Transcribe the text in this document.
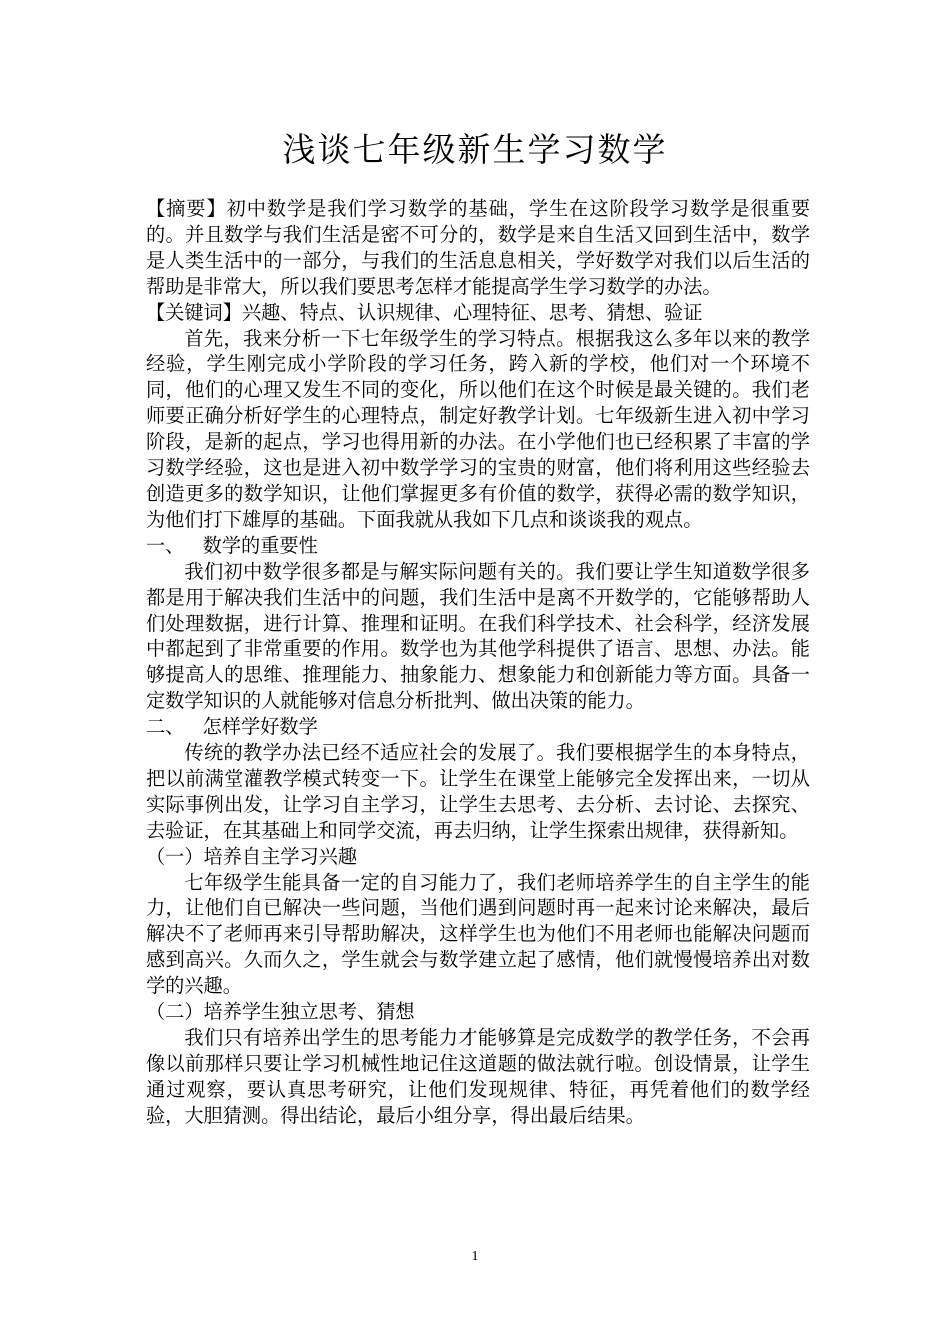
浅谈七年级新生学习数学

【摘要】初中数学是我们学习数学的基础，学生在这阶段学习数学是很重要的。并且数学与我们生活是密不可分的，数学是来自生活又回到生活中，数学是人类生活中的一部分，与我们的生活息息相关，学好数学对我们以后生活的帮助是非常大，所以我们要思考怎样才能提高学生学习数学的办法。

【关键词】兴趣、特点、认识规律、心理特征、思考、猜想、验证

首先，我来分析一下七年级学生的学习特点。根据我这么多年以来的教学经验，学生刚完成小学阶段的学习任务，跨入新的学校，他们对一个环境不同，他们的心理又发生不同的变化，所以他们在这个时候是最关键的。我们老师要正确分析好学生的心理特点，制定好教学计划。七年级新生进入初中学习阶段，是新的起点，学习也得用新的办法。在小学他们也已经积累了丰富的学习数学经验，这也是进入初中数学学习的宝贵的财富，他们将利用这些经验去创造更多的数学知识，让他们掌握更多有价值的数学，获得必需的数学知识，为他们打下雄厚的基础。下面我就从我如下几点和谈谈我的观点。

一、   数学的重要性

我们初中数学很多都是与解实际问题有关的。我们要让学生知道数学很多都是用于解决我们生活中的问题，我们生活中是离不开数学的，它能够帮助人们处理数据，进行计算、推理和证明。在我们科学技术、社会科学，经济发展中都起到了非常重要的作用。数学也为其他学科提供了语言、思想、办法。能够提高人的思维、推理能力、抽象能力、想象能力和创新能力等方面。具备一定数学知识的人就能够对信息分析批判、做出决策的能力。

二、   怎样学好数学

传统的教学办法已经不适应社会的发展了。我们要根据学生的本身特点，把以前满堂灌教学模式转变一下。让学生在课堂上能够完全发挥出来，一切从实际事例出发，让学习自主学习，让学生去思考、去分析、去讨论、去探究、去验证，在其基础上和同学交流，再去归纳，让学生探索出规律，获得新知。

（一）培养自主学习兴趣

七年级学生能具备一定的自习能力了，我们老师培养学生的自主学生的能力，让他们自已解决一些问题，当他们遇到问题时再一起来讨论来解决，最后解决不了老师再来引导帮助解决，这样学生也为他们不用老师也能解决问题而感到高兴。久而久之，学生就会与数学建立起了感情，他们就慢慢培养出对数学的兴趣。

（二）培养学生独立思考、猜想

我们只有培养出学生的思考能力才能够算是完成数学的教学任务，不会再像以前那样只要让学习机械性地记住这道题的做法就行啦。创设情景，让学生通过观察，要认真思考研究，让他们发现规律、特征，再凭着他们的数学经验，大胆猜测。得出结论，最后小组分享，得出最后结果。

1
